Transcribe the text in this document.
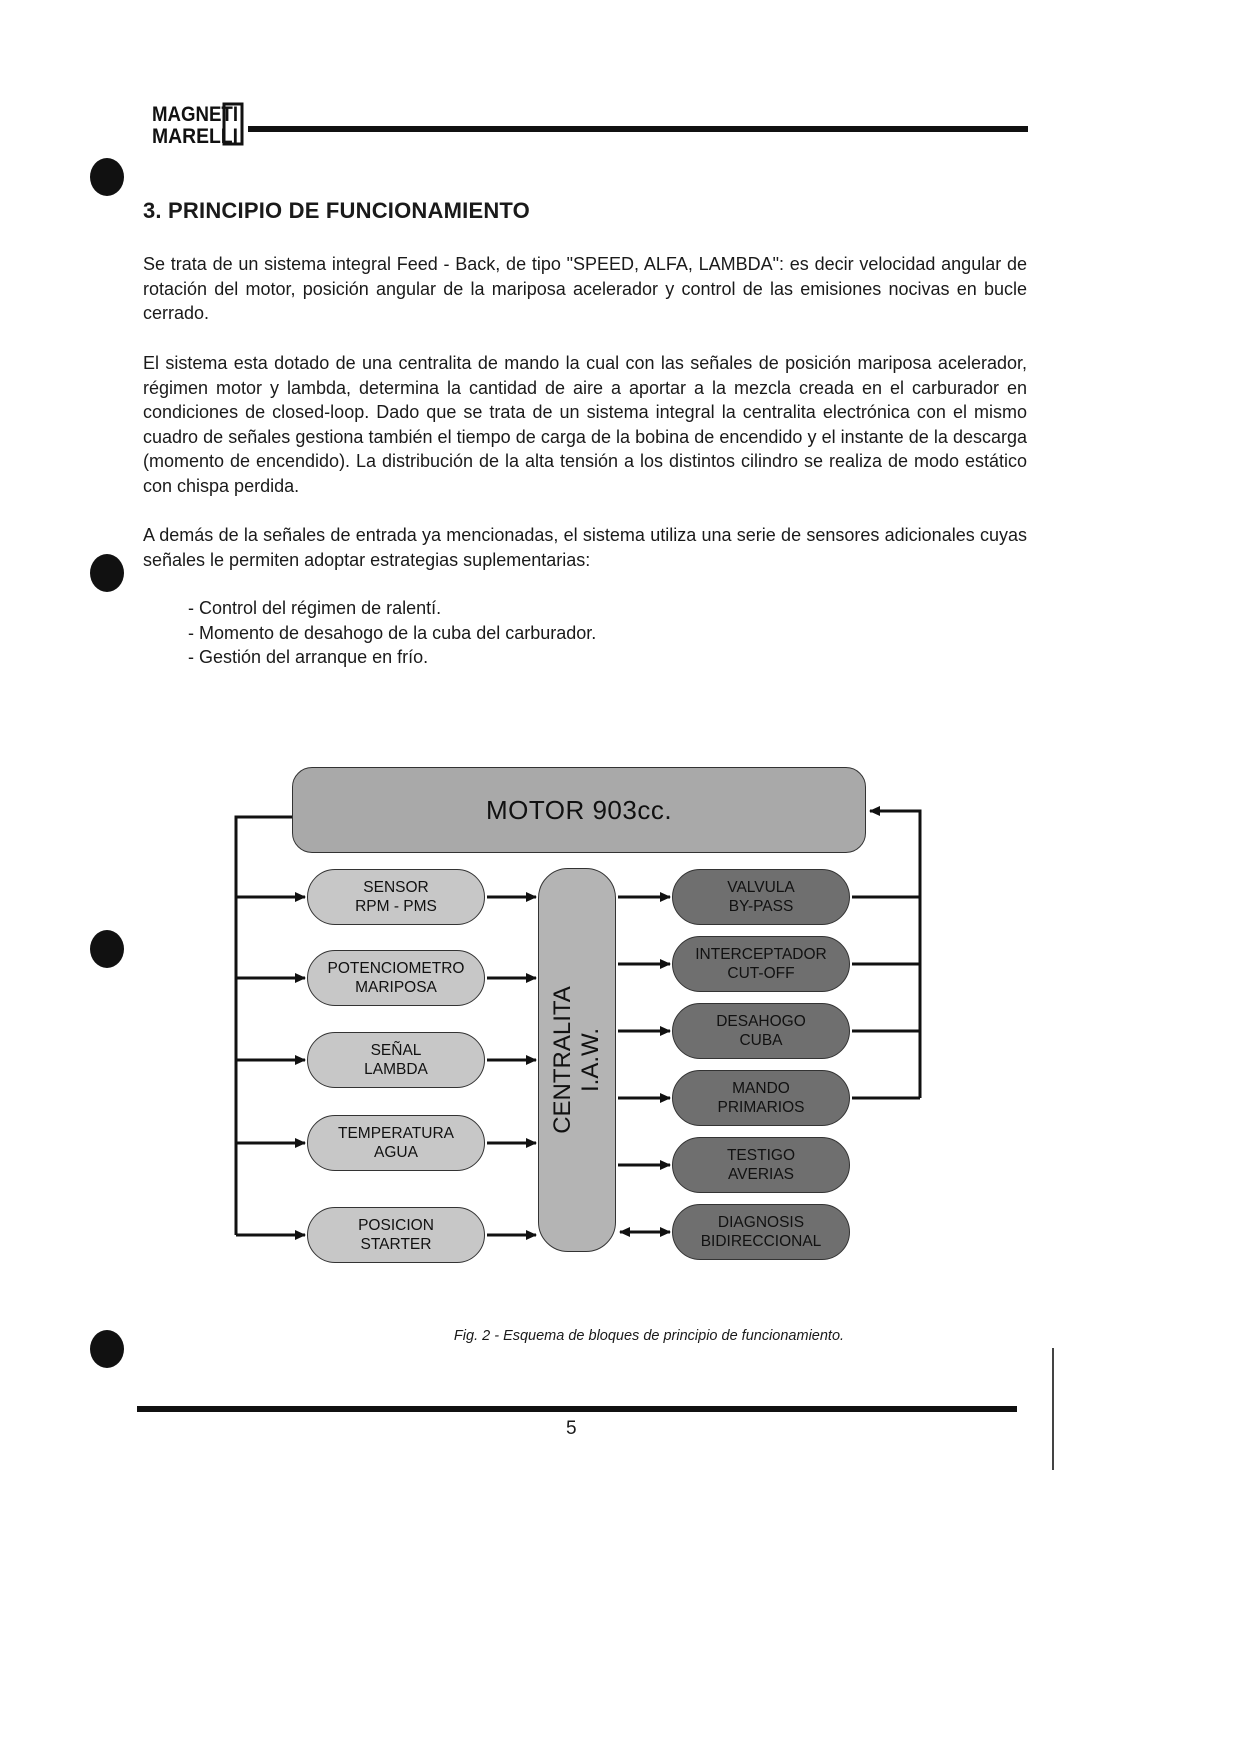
MAGNETI
MARELLI
3. PRINCIPIO DE FUNCIONAMIENTO

Se trata de un sistema integral Feed - Back, de tipo "SPEED, ALFA, LAMBDA": es decir velocidad angular de rotación del motor, posición angular de la mariposa acelerador y control de las emisiones nocivas en bucle cerrado.

El sistema esta dotado de una centralita de mando la cual con las señales de posición mariposa acelerador, régimen motor y lambda, determina la cantidad de aire a aportar a la mezcla creada en el carburador en condiciones de closed-loop. Dado que se trata de un sistema integral la centralita electrónica con el mismo cuadro de señales gestiona también el tiempo de carga de la bobina de encendido y el instante de la descarga (momento de encendido). La distribución de la alta tensión a los distintos cilindro se realiza de modo estático con chispa perdida.

A demás de la señales de entrada ya mencionadas, el sistema utiliza una serie de sensores adicionales cuyas señales le permiten adoptar estrategias suplementarias:

- Control del régimen de ralentí.
- Momento de desahogo de la cuba del carburador.
- Gestión del arranque en frío.
MOTOR 903cc.
CENTRALITA I.A.W.
SENSOR
RPM - PMS
POTENCIOMETRO
MARIPOSA
SEÑAL
LAMBDA
TEMPERATURA
AGUA
POSICION
STARTER
VALVULA
BY-PASS
INTERCEPTADOR
CUT-OFF
DESAHOGO
CUBA
MANDO
PRIMARIOS
TESTIGO
AVERIAS
DIAGNOSIS
BIDIRECCIONAL

Fig. 2 - Esquema de bloques de principio de funcionamiento.

5
